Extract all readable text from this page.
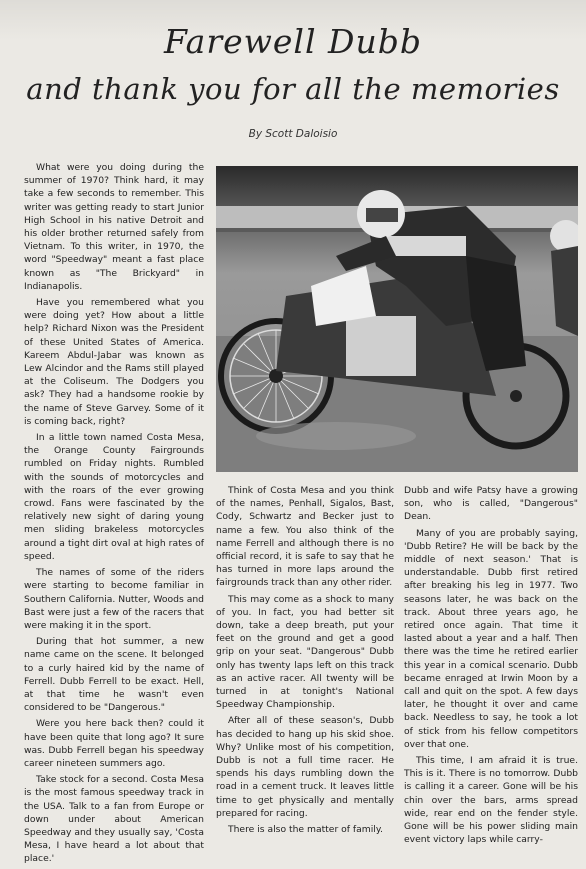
Farewell Dubb
and thank you for all the memories
By Scott Daloisio

What were you doing during the summer of 1970? Think hard, it may take a few seconds to remember. This writer was getting ready to start Junior High School in his native Detroit and his older brother returned safely from Vietnam. To this writer, in 1970, the word "Speedway" meant a fast place known as "The Brickyard" in Indianapolis.

Have you remembered what you were doing yet? How about a little help? Richard Nixon was the President of these United States of America. Kareem Abdul-Jabar was known as Lew Alcindor and the Rams still played at the Coliseum. The Dodgers you ask? They had a handsome rookie by the name of Steve Garvey. Some of it is coming back, right?

In a little town named Costa Mesa, the Orange County Fairgrounds rumbled on Friday nights. Rumbled with the sounds of motorcycles and with the roars of the ever growing crowd. Fans were fascinated by the relatively new sight of daring young men sliding brakeless motorcycles around a tight dirt oval at high rates of speed.

The names of some of the riders were starting to become familiar in Southern California. Nutter, Woods and Bast were just a few of the racers that were making it in the sport.

During that hot summer, a new name came on the scene. It belonged to a curly haired kid by the name of Ferrell. Dubb Ferrell to be exact. Hell, at that time he wasn't even considered to be "Dangerous."

Were you here back then? could it have been quite that long ago? It sure was. Dubb Ferrell began his speedway career nineteen summers ago.

Take stock for a second. Costa Mesa is the most famous speedway track in the USA. Talk to a fan from Europe or down under about American Speedway and they usually say, 'Costa Mesa, I have heard a lot about that place.'

Think of Costa Mesa and you think of the names, Penhall, Sigalos, Bast, Cody, Schwartz and Becker just to name a few. You also think of the name Ferrell and although there is no official record, it is safe to say that he has turned in more laps around the fairgrounds track than any other rider.

This may come as a shock to many of you. In fact, you had better sit down, take a deep breath, put your feet on the ground and get a good grip on your seat. "Dangerous" Dubb only has twenty laps left on this track as an active racer. All twenty will be turned in at tonight's National Speedway Championship.

After all of these season's, Dubb has decided to hang up his skid shoe. Why? Unlike most of his competition, Dubb is not a full time racer. He spends his days rumbling down the road in a cement truck. It leaves little time to get physically and mentally prepared for racing.

There is also the matter of family.

Dubb and wife Patsy have a growing son, who is called, "Dangerous" Dean.

Many of you are probably saying, 'Dubb Retire? He will be back by the middle of next season.' That is understandable. Dubb first retired after breaking his leg in 1977. Two seasons later, he was back on the track. About three years ago, he retired once again. That time it lasted about a year and a half. Then there was the time he retired earlier this year in a comical scenario. Dubb became enraged at Irwin Moon by a call and quit on the spot. A few days later, he thought it over and came back. Needless to say, he took a lot of stick from his fellow competitors over that one.

This time, I am afraid it is true. This is it. There is no tomorrow. Dubb is calling it a career. Gone will be his chin over the bars, arms spread wide, rear end on the fender style. Gone will be his power sliding main event victory laps while carry-
